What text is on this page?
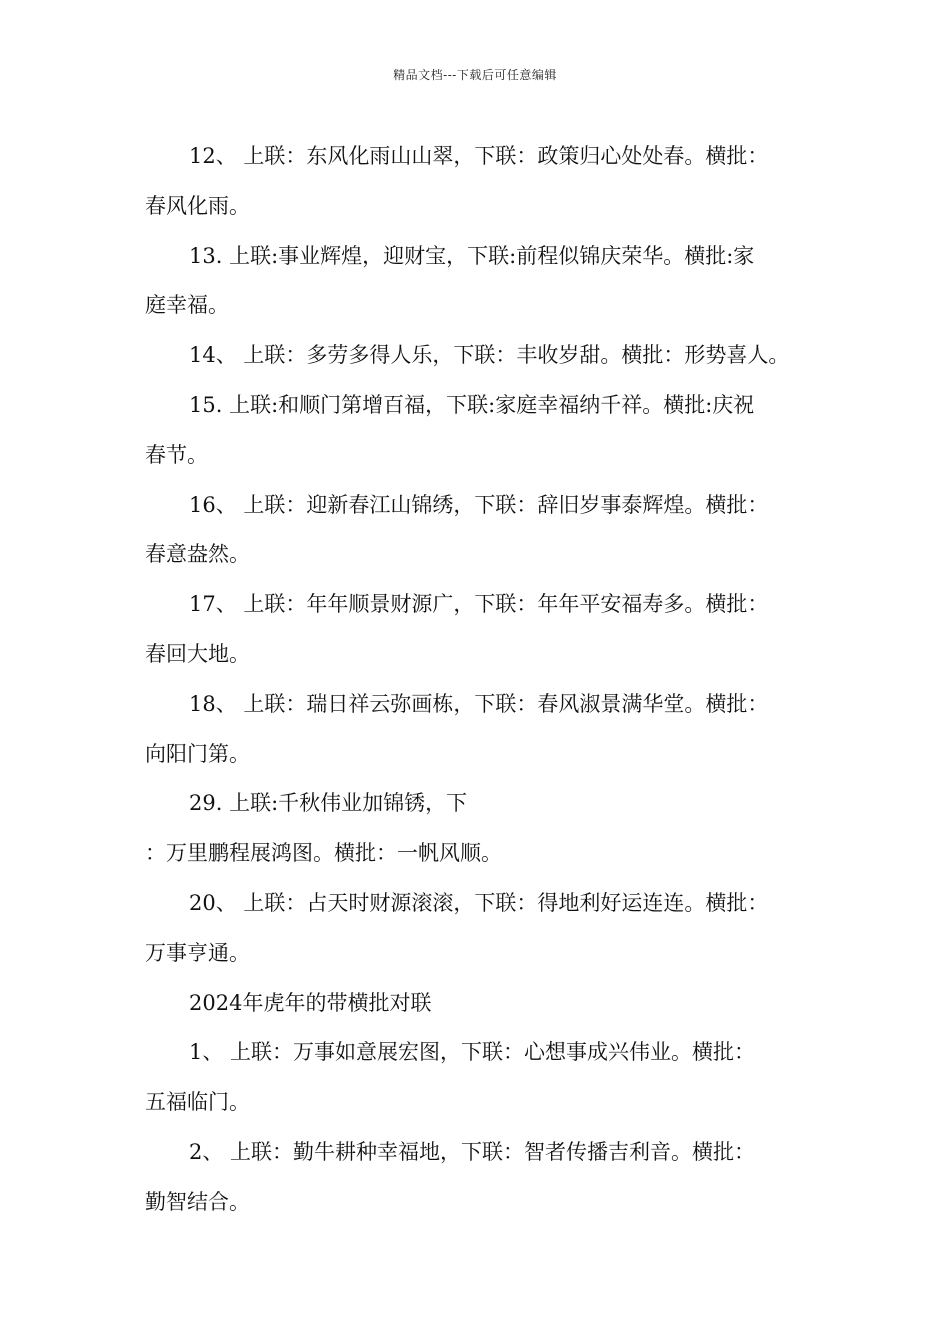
精品文档---下载后可任意编辑

12、 上联：东风化雨山山翠，下联：政策归心处处春。横批：
春风化雨。

13. 上联:事业辉煌，迎财宝，下联:前程似锦庆荣华。横批:家
庭幸福。

14、 上联：多劳多得人乐，下联：丰收岁甜。横批：形势喜人。

15. 上联:和顺门第增百福，下联:家庭幸福纳千祥。横批:庆祝
春节。

16、 上联：迎新春江山锦绣，下联：辞旧岁事泰辉煌。横批：
春意盎然。

17、 上联：年年顺景财源广，下联：年年平安福寿多。横批：
春回大地。

18、 上联：瑞日祥云弥画栋，下联：春风淑景满华堂。横批：
向阳门第。

29. 上联:千秋伟业加锦锈，下
：万里鹏程展鸿图。横批：一帆风顺。

20、 上联：占天时财源滚滚，下联：得地利好运连连。横批：
万事亨通。

2024年虎年的带横批对联

1、 上联：万事如意展宏图，下联：心想事成兴伟业。横批：
五福临门。

2、 上联：勤牛耕种幸福地，下联：智者传播吉利音。横批：
勤智结合。
